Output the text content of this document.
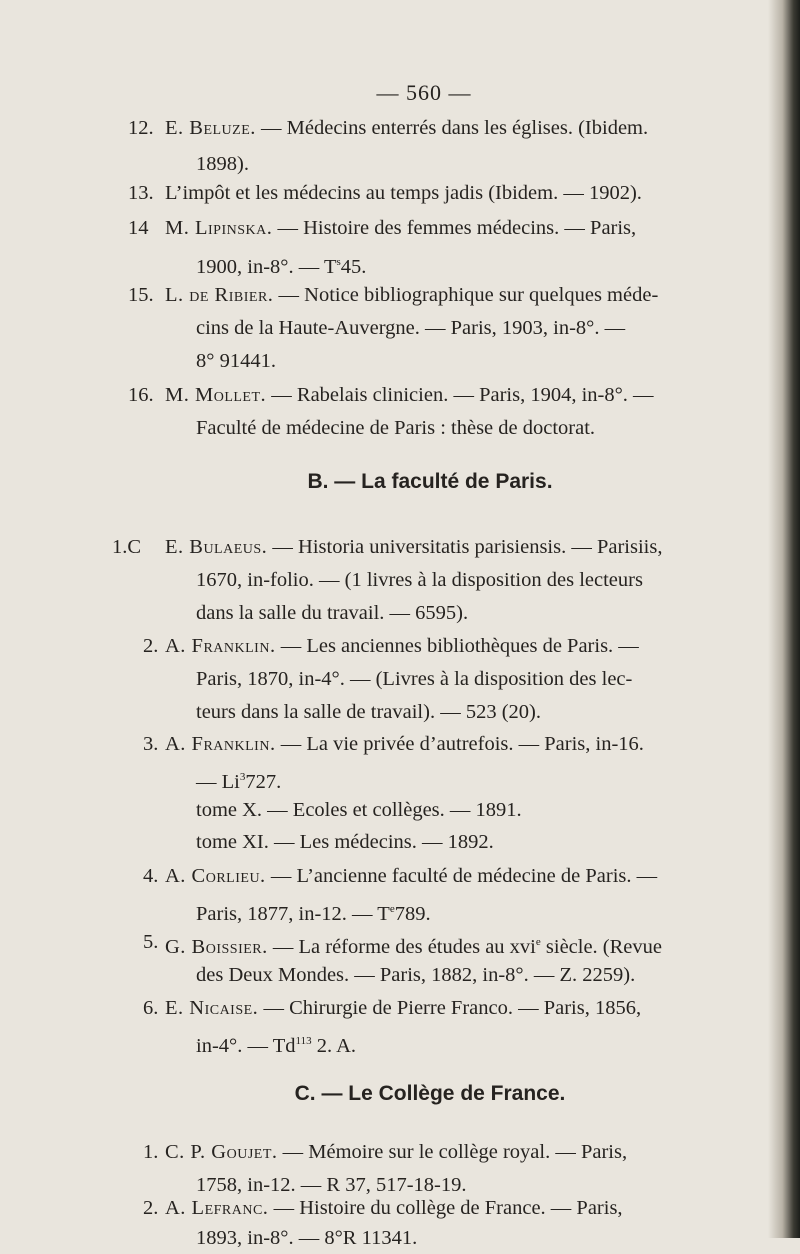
— 560 —
12. E. Beluze. — Médecins enterrés dans les églises. (Ibidem.
1898).
13. L’impôt et les médecins au temps jadis (Ibidem. — 1902).
14 M. Lipinska. — Histoire des femmes médecins. — Paris,
1900, in-8°. — $T^s45$.
15. L. de Ribier. — Notice bibliographique sur quelques méde-
cins de la Haute-Auvergne. — Paris, 1903, in-8°. —
8° 91441.
16. M. Mollet. — Rabelais clinicien. — Paris, 1904, in-8°. —
Faculté de médecine de Paris : thèse de doctorat.
B. — La faculté de Paris.
1.C E. Bulaeus. — Historia universitatis parisiensis. — Parisiis,
1670, in-folio. — (1 livres à la disposition des lecteurs
dans la salle du travail. — 6595).
2. A. Franklin. — Les anciennes bibliothèques de Paris. —
Paris, 1870, in-4°. — (Livres à la disposition des lec-
teurs dans la salle de travail). — 523 (20).
3. A. Franklin. — La vie privée d’autrefois. — Paris, in-16.
— Li$^3$727.
tome X. — Ecoles et collèges. — 1891.
tome XI. — Les médecins. — 1892.
4. A. Corlieu. — L’ancienne faculté de médecine de Paris. —
Paris, 1877, in-12. — $T^e789$.
5. G. Boissier. — La réforme des études au xvi$^e$ siècle. (Revue
des Deux Mondes. — Paris, 1882, in-8°. — Z. 2259).
6. E. Nicaise. — Chirurgie de Pierre Franco. — Paris, 1856,
in-4°. — Td$^{113}$ 2. A.
C. — Le Collège de France.
1. C. P. Goujet. — Mémoire sur le collège royal. — Paris,
1758, in-12. — R 37, 517-18-19.
2. A. Lefranc. — Histoire du collège de France. — Paris,
1893, in-8°. — 8°R 11341.
